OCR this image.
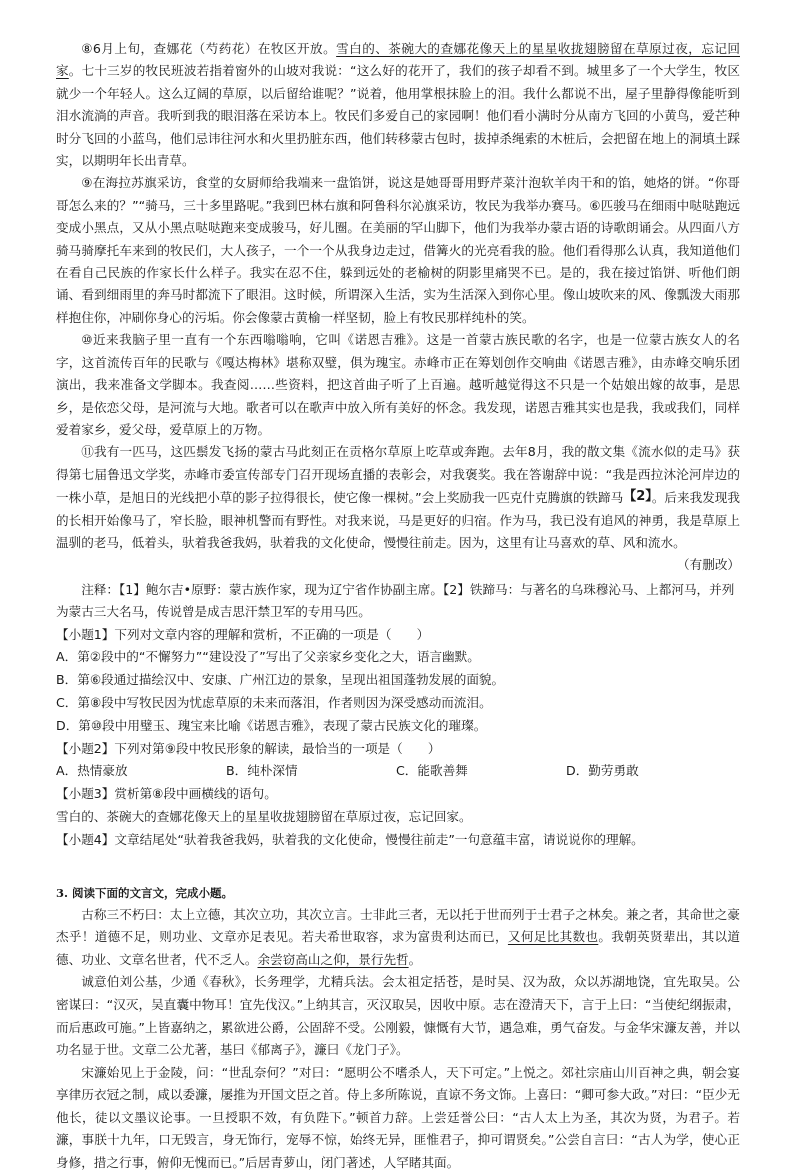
⑧6月上旬，查娜花（芍药花）在牧区开放。雪白的、茶碗大的查娜花像天上的星星收拢翅膀留在草原过夜，忘记回家。七十三岁的牧民班波若指着窗外的山坡对我说：“这么好的花开了，我们的孩子却看不到。城里多了一个大学生，牧区就少一个年轻人。这么辽阔的草原，以后留给谁呢？”说着，他用掌根抹脸上的泪。我什么都说不出，屋子里静得像能听到泪水流淌的声音。我听到我的眼泪落在采访本上。牧民们多爱自己的家园啊！他们看小满时分从南方飞回的小黄鸟，爱芒种时分飞回的小蓝鸟，他们忌讳往河水和火里扔脏东西，他们转移蒙古包时，拔掉杀绳索的木桩后，会把留在地上的洞填土踩实，以期明年长出青草。

⑨在海拉苏旗采访，食堂的女厨师给我端来一盘馅饼，说这是她哥哥用野芹菜汁泡软羊肉干和的馅，她烙的饼。“你哥哥怎么来的？”“骑马，三十多里路呢。”我到巴林右旗和阿鲁科尔沁旗采访，牧民为我举办赛马。⑥匹骏马在细雨中哒哒跑远变成小黑点，又从小黑点哒哒跑来变成骏马，好儿圈。在美丽的罕山脚下，他们为我举办蒙古语的诗歌朗诵会。从四面八方骑马骑摩托车来到的牧民们，大人孩子，一个一个从我身边走过，借篝火的光亮看我的脸。他们看得那么认真，我知道他们在看自己民族的作家长什么样子。我实在忍不住，躲到远处的老榆树的阴影里痛哭不已。是的，我在接过馅饼、听他们朗诵、看到细雨里的奔马时都流下了眼泪。这时候，所谓深入生活，实为生活深入到你心里。像山坡吹来的风、像瓢泼大雨那样抱住你，冲刷你身心的污垢。你会像蒙古黄榆一样坚韧，脸上有牧民那样纯朴的笑。

⑩近来我脑子里一直有一个东西嗡嗡响，它叫《诺恩吉雅》。这是一首蒙古族民歌的名字，也是一位蒙古族女人的名字，这首流传百年的民歌与《嘎达梅林》堪称双璧，俱为瑰宝。赤峰市正在筹划创作交响曲《诺恩吉雅》，由赤峰交响乐团演出，我来准备文学脚本。我查阅……些资料，把这首曲子听了上百遍。越听越觉得这不只是一个姑娘出嫁的故事，是思乡，是依恋父母，是河流与大地。歌者可以在歌声中放入所有美好的怀念。我发现，诺恩吉雅其实也是我，我或我们，同样爱着家乡，爱父母，爱草原上的万物。

⑪我有一匹马，这匹鬃发飞扬的蒙古马此刻正在贡格尔草原上吃草或奔跑。去年8月，我的散文集《流水似的走马》获得第七届鲁迅文学奖，赤峰市委宣传部专门召开现场直播的表彰会，对我褒奖。我在答谢辞中说：“我是西拉沐沦河岸边的一株小草，是旭日的光线把小草的影子拉得很长，使它像一棵树。”会上奖励我一匹克什克腾旗的铁蹄马【2】。后来我发现我的长相开始像马了，窄长脸，眼神机警而有野性。对我来说，马是更好的归宿。作为马，我已没有追风的神勇，我是草原上温驯的老马，低着头，驮着我爸我妈，驮着我的文化使命，慢慢往前走。因为，这里有让马喜欢的草、风和流水。

（有删改）

注释：【1】鲍尔吉•原野：蒙古族作家，现为辽宁省作协副主席。【2】铁蹄马：与著名的乌珠穆沁马、上都河马，并列为蒙古三大名马，传说曾是成吉思汗禁卫军的专用马匹。

【小题1】下列对文章内容的理解和赏析，不正确的一项是（　　）

A．第②段中的“不懈努力”“建设没了”写出了父亲家乡变化之大，语言幽默。

B．第⑥段通过描绘汉中、安康、广州江边的景象，呈现出祖国蓬勃发展的面貌。

C．第⑧段中写牧民因为忧虑草原的未来而落泪，作者则因为深受感动而流泪。

D．第⑩段中用璧玉、瑰宝来比喻《诺恩吉雅》，表现了蒙古民族文化的璀璨。

【小题2】下列对第⑨段中牧民形象的解读，最恰当的一项是（　　）

A．热情豪放	B．纯朴深情	C．能歌善舞	D．勤劳勇敢

【小题3】赏析第⑧段中画横线的语句。

雪白的、茶碗大的查娜花像天上的星星收拢翅膀留在草原过夜，忘记回家。

【小题4】文章结尾处“驮着我爸我妈，驮着我的文化使命，慢慢往前走”一句意蕴丰富，请说说你的理解。

3. 阅读下面的文言文，完成小题。

古称三不朽曰：太上立德，其次立功，其次立言。士非此三者，无以托于世而列于士君子之林矣。兼之者，其命世之豪杰乎！道德不足，则功业、文章亦足表见。若夫希世取容，求为富贵利达而已，又何足比其数也。我朝英贤辈出，其以道德、功业、文章名世者，代不乏人。余尝窃高山之仰，景行先哲。

诚意伯刘公基，少通《春秋》，长务理学，尤精兵法。会太祖定括苍，是时吴、汉为敌，众以苏湖地饶，宜先取吴。公密谋曰：“汉灭，吴直囊中物耳！宜先伐汉。”上纳其言，灭汉取吴，因收中原。志在澄清天下，言于上曰：“当使纪纲振肃，而后惠政可施。”上皆嘉纳之，累欲进公爵，公固辞不受。公刚毅，慷慨有大节，遇急难，勇气奋发。与金华宋濂友善，并以功名显于世。文章二公尤著，基曰《郁离子》，濂曰《龙门子》。

宋濂始见上于金陵，问：“世乱奈何？”对曰：“愿明公不嗜杀人，天下可定。”上悦之。郊社宗庙山川百神之典，朝会宴享律历衣冠之制，咸以委濂，屡推为开国文臣之首。侍上多所陈说，直谅不务文饰。上喜曰：“卿可参大政。”对曰：“臣少无他长，徒以文墨议论事。一旦授职不效，有负陛下。”顿首力辞。上尝廷誉公曰：“古人太上为圣，其次为贤，为君子。若濂，事朕十九年，口无毁言，身无饰行，宠辱不惊，始终无异，匪惟君子，抑可谓贤矣。”公尝自言曰：“古人为学，使心正身修，措之行事，俯仰无愧而已。”后居青萝山，闭门著述，人罕睹其面。
